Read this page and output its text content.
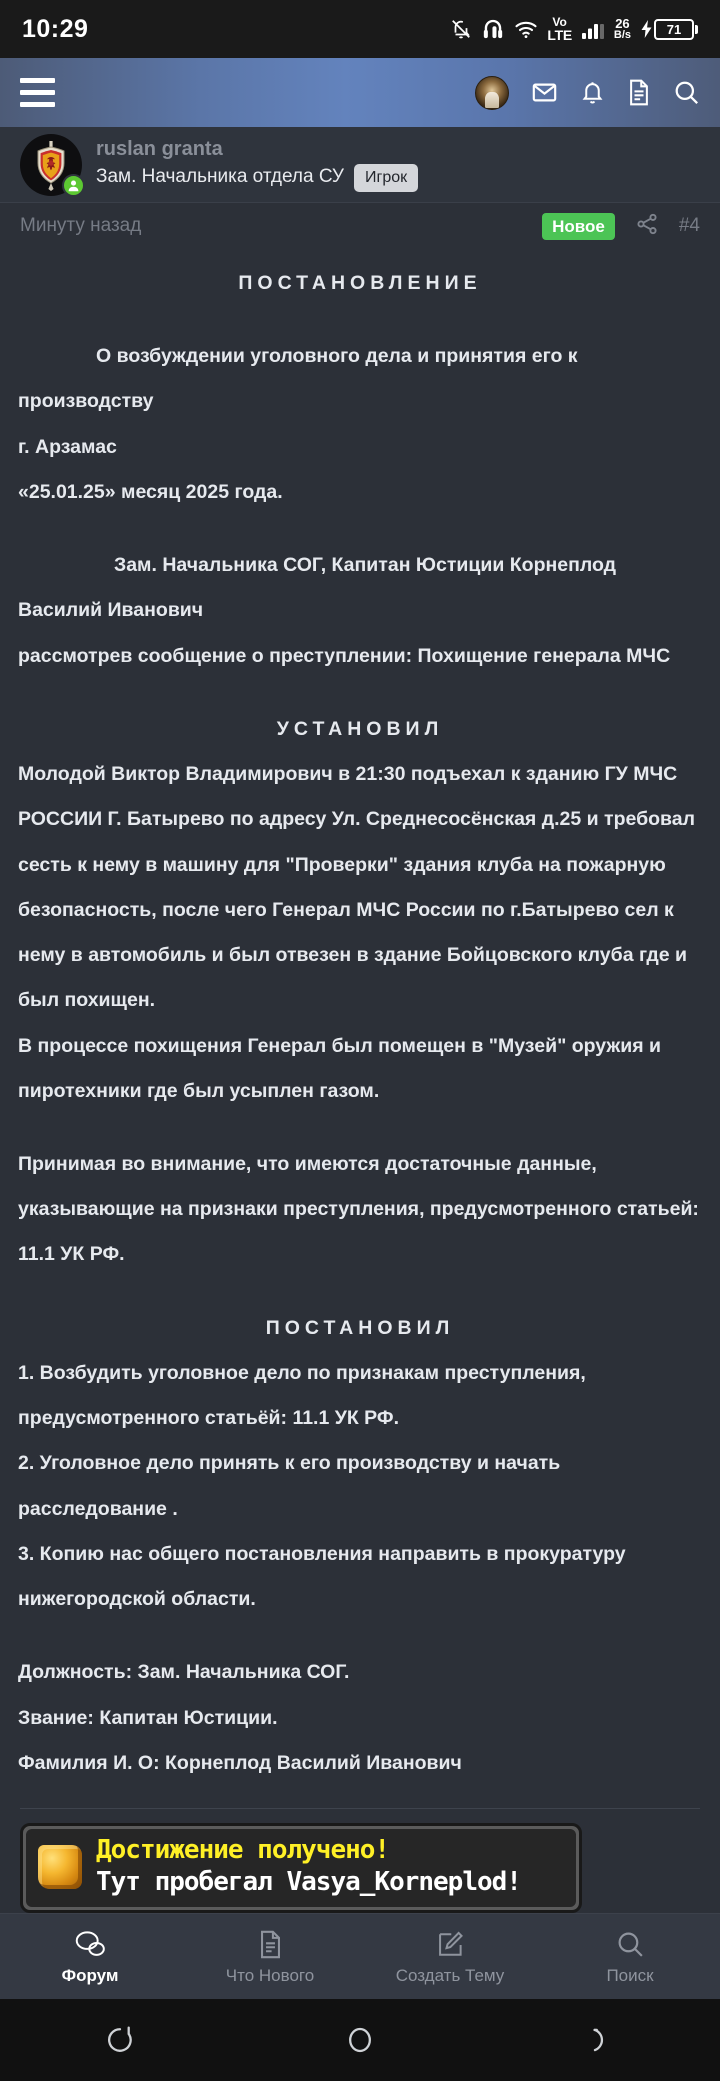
10:29	Vo
LTE
26
B/s	71
ruslan granta
Зам. Начальника отдела СУ	Игрок
Минуту назад	Новое	#4
ПОСТАНОВЛЕНИЕ
О возбуждении уголовного дела и принятия его к производству
г. Арзамас
«25.01.25» месяц 2025 года.
Зам. Начальника СОГ, Капитан Юстиции Корнеплод Василий Иванович
рассмотрев сообщение о преступлении: Похищение генерала МЧС
УСТАНОВИЛ
Молодой Виктор Владимирович в 21:30 подъехал к зданию ГУ МЧС РОССИИ Г. Батырево по адресу Ул. Среднесосёнская д.25 и требовал сесть к нему в машину для "Проверки" здания клуба на пожарную безопасность, после чего Генерал МЧС России по г.Батырево сел к нему в автомобиль и был отвезен в здание Бойцовского клуба где и был похищен.
В процессе похищения Генерал был помещен в "Музей" оружия и пиротехники где был усыплен газом.
Принимая во внимание, что имеются достаточные данные, указывающие на признаки преступления, предусмотренного статьей: 11.1 УК РФ.
ПОСТАНОВИЛ
1. Возбудить уголовное дело по признакам преступления, предусмотренного статьёй: 11.1 УК РФ.
2. Уголовное дело принять к его производству и начать расследование .
3. Копию нас общего постановления направить в прокуратуру нижегородской области.
Должность: Зам. Начальника СОГ.
Звание: Капитан Юстиции.
Фамилия И. О: Корнеплод Василий Иванович
Достижение получено!
Тут пробегал Vasya_Korneplod!
Форум	Что Нового	Создать Тему	Поиск
